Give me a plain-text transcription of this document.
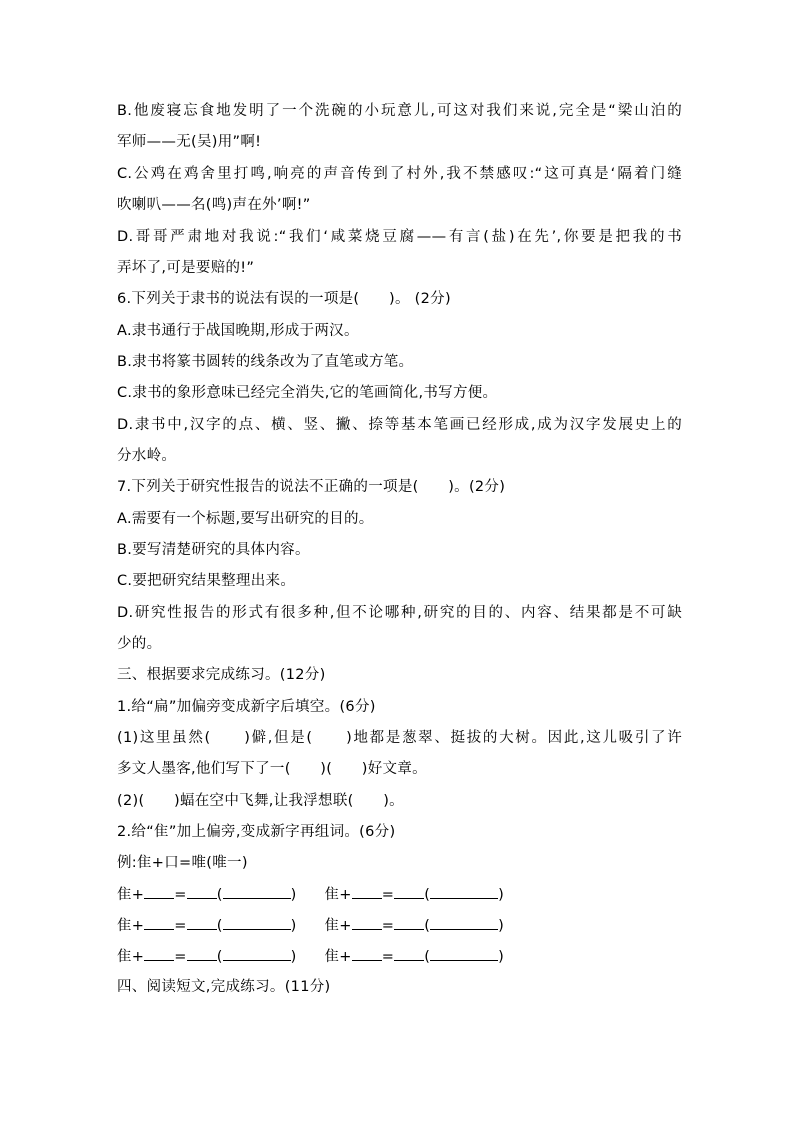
B.他废寝忘食地发明了一个洗碗的小玩意儿,可这对我们来说,完全是“梁山泊的
军师——无(吴)用”啊!
C.公鸡在鸡舍里打鸣,响亮的声音传到了村外,我不禁感叹:“这可真是‘隔着门缝
吹喇叭——名(鸣)声在外’啊!”
D.哥哥严肃地对我说:“我们‘咸菜烧豆腐——有言(盐)在先’,你要是把我的书
弄坏了,可是要赔的!”
6.下列关于隶书的说法有误的一项是(　　)。 (2分)
A.隶书通行于战国晚期,形成于两汉。
B.隶书将篆书圆转的线条改为了直笔或方笔。
C.隶书的象形意味已经完全消失,它的笔画简化,书写方便。
D.隶书中,汉字的点、横、竖、撇、捺等基本笔画已经形成,成为汉字发展史上的
分水岭。
7.下列关于研究性报告的说法不正确的一项是(　　)。(2分)
A.需要有一个标题,要写出研究的目的。
B.要写清楚研究的具体内容。
C.要把研究结果整理出来。
D.研究性报告的形式有很多种,但不论哪种,研究的目的、内容、结果都是不可缺
少的。
三、根据要求完成练习。(12分)
1.给“扁”加偏旁变成新字后填空。(6分)
(1)这里虽然(　　)僻,但是(　　)地都是葱翠、挺拔的大树。因此,这儿吸引了许
多文人墨客,他们写下了一(　　)(　　)好文章。
(2)(　　)蝠在空中飞舞,让我浮想联(　　)。
2.给“隹”加上偏旁,变成新字再组词。(6分)
例:隹+口=唯(唯一)
隹+ = (	) 隹+ = (	)
隹+ = (	) 隹+ = (	)
隹+ = (	) 隹+ = (	)
四、阅读短文,完成练习。(11分)
